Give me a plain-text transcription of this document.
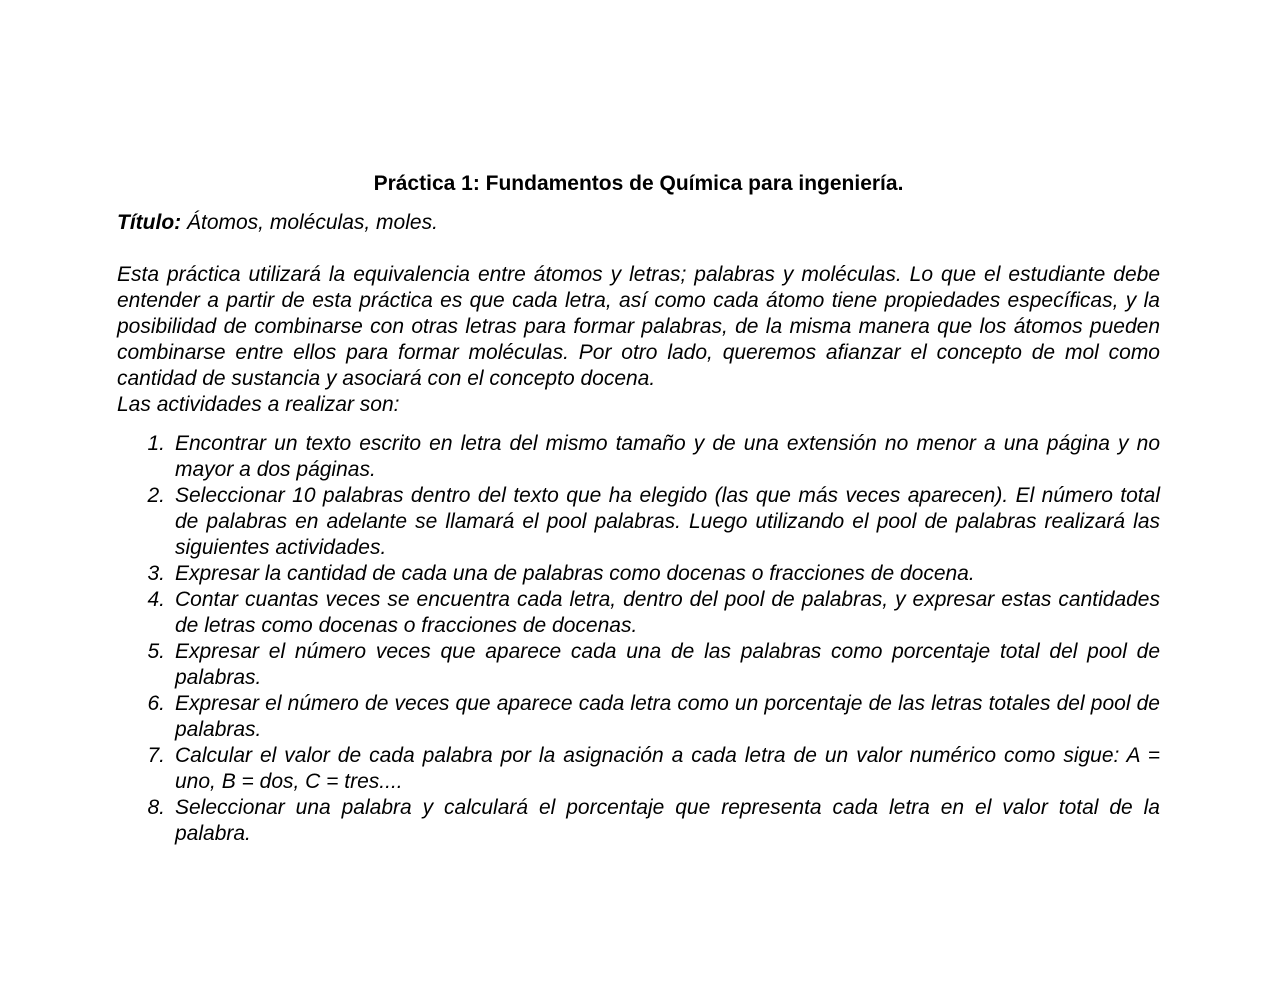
Práctica 1: Fundamentos de Química para ingeniería.

Título: Átomos, moléculas, moles.

Esta práctica utilizará la equivalencia entre átomos y letras; palabras y moléculas. Lo que el estudiante debe entender a partir de esta práctica es que cada letra, así como cada átomo tiene propiedades específicas, y la posibilidad de combinarse con otras letras para formar palabras, de la misma manera que los átomos pueden combinarse entre ellos para formar moléculas. Por otro lado, queremos afianzar el concepto de mol como cantidad de sustancia y asociará con el concepto docena.

Las actividades a realizar son:

1. Encontrar un texto escrito en letra del mismo tamaño y de una extensión no menor a una página y no mayor a dos páginas.
2. Seleccionar 10 palabras dentro del texto que ha elegido (las que más veces aparecen). El número total de palabras en adelante se llamará el pool palabras. Luego utilizando el pool de palabras realizará las siguientes actividades.
3. Expresar la cantidad de cada una de palabras como docenas o fracciones de docena.
4. Contar cuantas veces se encuentra cada letra, dentro del pool de palabras, y expresar estas cantidades de letras como docenas o fracciones de docenas.
5. Expresar el número veces que aparece cada una de las palabras como porcentaje total del pool de palabras.
6. Expresar el número de veces que aparece cada letra como un porcentaje de las letras totales del pool de palabras.
7. Calcular el valor de cada palabra por la asignación a cada letra de un valor numérico como sigue: A = uno, B = dos, C = tres....
8. Seleccionar una palabra y calculará el porcentaje que representa cada letra en el valor total de la palabra.
